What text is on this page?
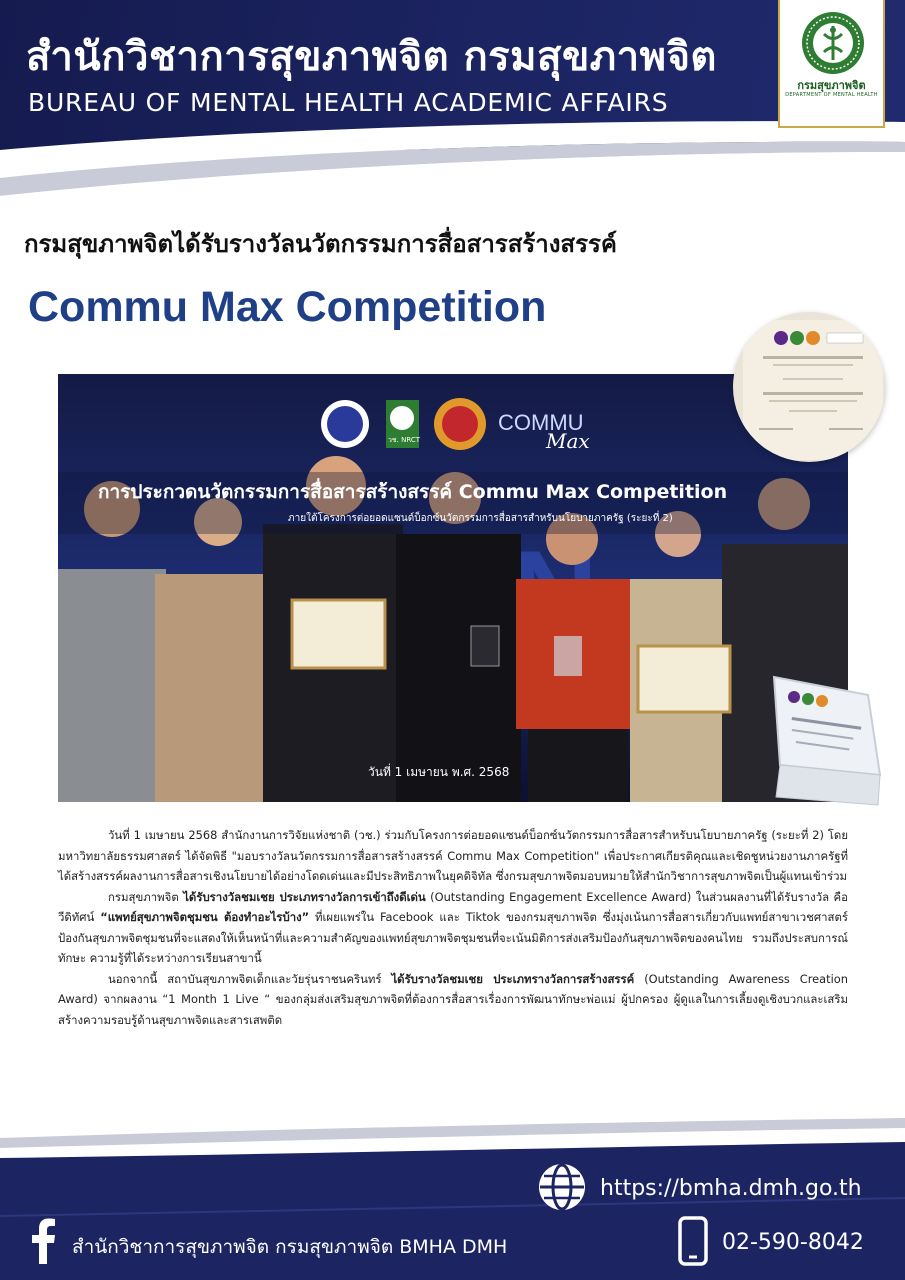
สำนักวิชาการสุขภาพจิต กรมสุขภาพจิต
BUREAU OF MENTAL HEALTH ACADEMIC AFFAIRS
กรมสุขภาพจิต
DEPARTMENT OF MENTAL HEALTH
กรมสุขภาพจิตได้รับรางวัลนวัตกรรมการสื่อสารสร้างสรรค์
Commu Max Competition
การประกวดนวัตกรรมการสื่อสารสร้างสรรค์ Commu Max Competition
ภายใต้โครงการต่อยอดแซนด์บ็อกซ์นวัตกรรมการสื่อสารสำหรับนโยบายภาครัฐ (ระยะที่ 2)
วช. NRCT
COMMU
Max
วันที่ 1 เมษายน พ.ศ. 2568

วันที่ 1 เมษายน 2568 สำนักงานการวิจัยแห่งชาติ (วช.) ร่วมกับโครงการต่อยอดแซนด์บ็อกซ์นวัตกรรมการสื่อสารสำหรับนโยบายภาครัฐ (ระยะที่ 2) โดยมหาวิทยาลัยธรรมศาสตร์ ได้จัดพิธี "มอบรางวัลนวัตกรรมการสื่อสารสร้างสรรค์ Commu Max Competition" เพื่อประกาศเกียรติคุณและเชิดชูหน่วยงานภาครัฐที่ได้สร้างสรรค์ผลงานการสื่อสารเชิงนโยบายได้อย่างโดดเด่นและมีประสิทธิภาพในยุคดิจิทัล ซึ่งกรมสุขภาพจิตมอบหมายให้สำนักวิชาการสุขภาพจิตเป็นผู้แทนเข้าร่วม

กรมสุขภาพจิต ได้รับรางวัลชมเชย ประเภทรางวัลการเข้าถึงดีเด่น (Outstanding Engagement Excellence Award) ในส่วนผลงานที่ได้รับรางวัล คือ วีดิทัศน์ “แพทย์สุขภาพจิตชุมชน ต้องทำอะไรบ้าง” ที่เผยแพร่ใน Facebook และ Tiktok ของกรมสุขภาพจิต ซึ่งมุ่งเน้นการสื่อสารเกี่ยวกับแพทย์สาขาเวชศาสตร์ป้องกันสุขภาพจิตชุมชนที่จะแสดงให้เห็นหน้าที่และความสำคัญของแพทย์สุขภาพจิตชุมชนที่จะเน้นมิติการส่งเสริมป้องกันสุขภาพจิตของคนไทย รวมถึงประสบการณ์ ทักษะ ความรู้ที่ได้ระหว่างการเรียนสาขานี้

นอกจากนี้ สถาบันสุขภาพจิตเด็กและวัยรุ่นราชนครินทร์ ได้รับรางวัลชมเชย ประเภทรางวัลการสร้างสรรค์ (Outstanding Awareness Creation Award) จากผลงาน “1 Month 1 Live “ ของกลุ่มส่งเสริมสุขภาพจิตที่ต้องการสื่อสารเรื่องการพัฒนาทักษะพ่อแม่ ผู้ปกครอง ผู้ดูแลในการเลี้ยงดูเชิงบวกและเสริมสร้างความรอบรู้ด้านสุขภาพจิตและสารเสพติด

https://bmha.dmh.go.th
สำนักวิชาการสุขภาพจิต กรมสุขภาพจิต BMHA DMH	02-590-8042
